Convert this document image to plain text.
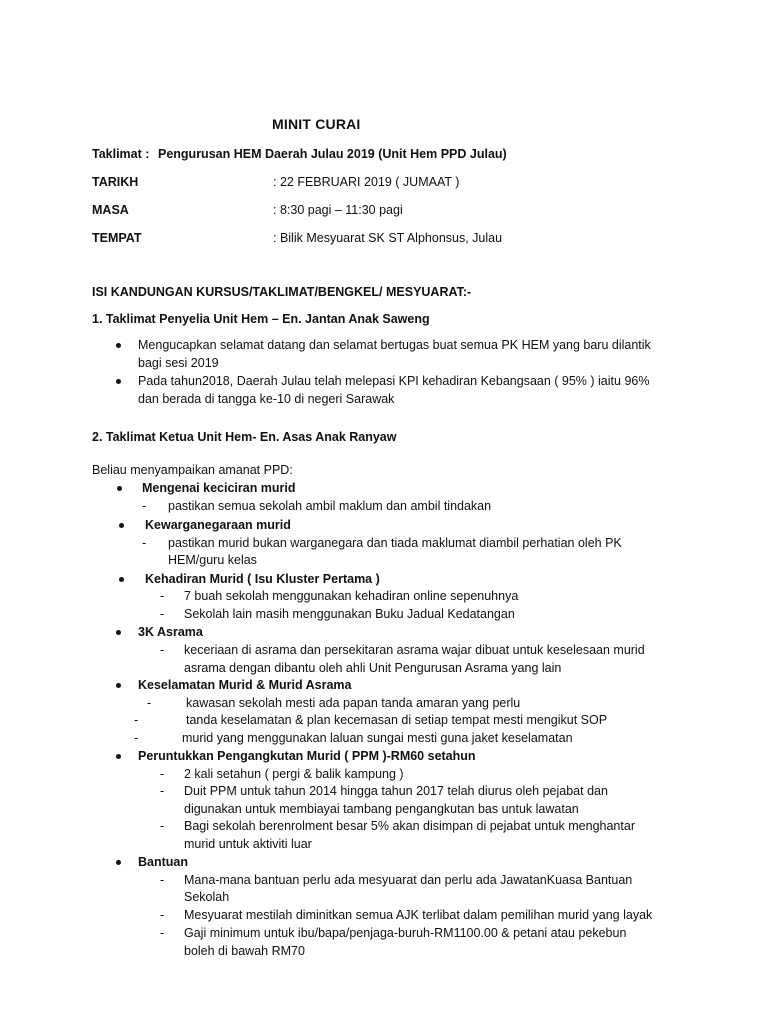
MINIT CURAI
Taklimat : Pengurusan HEM Daerah Julau 2019 (Unit Hem PPD Julau)
TARIKH	: 22 FEBRUARI 2019 ( JUMAAT )
MASA	: 8:30 pagi – 11:30 pagi
TEMPAT	: Bilik Mesyuarat SK ST Alphonsus, Julau
ISI KANDUNGAN KURSUS/TAKLIMAT/BENGKEL/ MESYUARAT:-
1. Taklimat Penyelia Unit Hem – En. Jantan Anak Saweng
Mengucapkan selamat datang dan selamat bertugas buat semua PK HEM yang baru dilantik
bagi sesi 2019
Pada tahun2018, Daerah Julau telah melepasi KPI kehadiran Kebangsaan ( 95% ) iaitu 96%
dan berada di tangga ke-10 di negeri Sarawak
2. Taklimat Ketua Unit Hem- En. Asas Anak Ranyaw
Beliau menyampaikan amanat PPD:
Mengenai keciciran murid
- pastikan semua sekolah ambil maklum dan ambil tindakan
Kewarganegaraan murid
- pastikan murid bukan warganegara dan tiada maklumat diambil perhatian oleh PK
HEM/guru kelas
Kehadiran Murid ( Isu Kluster Pertama )
- 7 buah sekolah menggunakan kehadiran online sepenuhnya
- Sekolah lain masih menggunakan Buku Jadual Kedatangan
3K Asrama
- keceriaan di asrama dan persekitaran asrama wajar dibuat untuk keselesaan murid
asrama dengan dibantu oleh ahli Unit Pengurusan Asrama yang lain
Keselamatan Murid & Murid Asrama
-	kawasan sekolah mesti ada papan tanda amaran yang perlu
-	tanda keselamatan & plan kecemasan di setiap tempat mesti mengikut SOP
-	murid yang menggunakan laluan sungai mesti guna jaket keselamatan
Peruntukkan Pengangkutan Murid ( PPM )-RM60 setahun
- 2 kali setahun ( pergi & balik kampung )
- Duit PPM untuk tahun 2014 hingga tahun 2017 telah diurus oleh pejabat dan
digunakan untuk membiayai tambang pengangkutan bas untuk lawatan
- Bagi sekolah berenrolment besar 5% akan disimpan di pejabat untuk menghantar
murid untuk aktiviti luar
Bantuan
- Mana-mana bantuan perlu ada mesyuarat dan perlu ada JawatanKuasa Bantuan
Sekolah
- Mesyuarat mestilah diminitkan semua AJK terlibat dalam pemilihan murid yang layak
- Gaji minimum untuk ibu/bapa/penjaga-buruh-RM1100.00 & petani atau pekebun
boleh di bawah RM70
